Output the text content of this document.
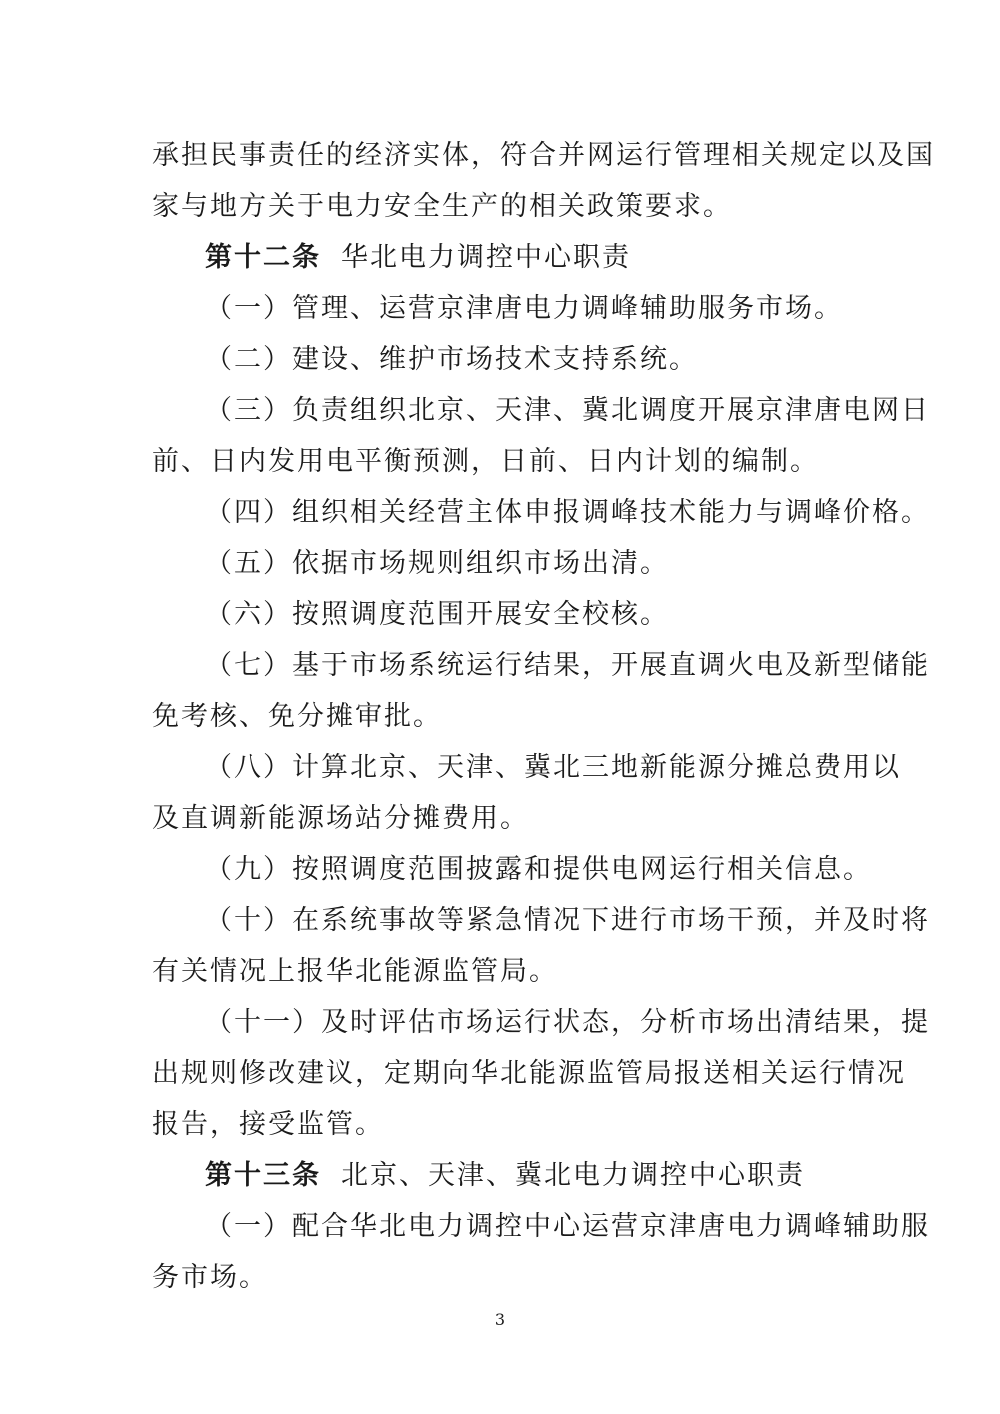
承担民事责任的经济实体，符合并网运行管理相关规定以及国
家与地方关于电力安全生产的相关政策要求。
第十二条 华北电力调控中心职责
（一）管理、运营京津唐电力调峰辅助服务市场。
（二）建设、维护市场技术支持系统。
（三）负责组织北京、天津、冀北调度开展京津唐电网日
前、日内发用电平衡预测，日前、日内计划的编制。
（四）组织相关经营主体申报调峰技术能力与调峰价格。
（五）依据市场规则组织市场出清。
（六）按照调度范围开展安全校核。
（七）基于市场系统运行结果，开展直调火电及新型储能
免考核、免分摊审批。
（八）计算北京、天津、冀北三地新能源分摊总费用以
及直调新能源场站分摊费用。
（九）按照调度范围披露和提供电网运行相关信息。
（十）在系统事故等紧急情况下进行市场干预，并及时将
有关情况上报华北能源监管局。
（十一）及时评估市场运行状态，分析市场出清结果，提
出规则修改建议，定期向华北能源监管局报送相关运行情况
报告，接受监管。
第十三条 北京、天津、冀北电力调控中心职责
（一）配合华北电力调控中心运营京津唐电力调峰辅助服
务市场。
3
